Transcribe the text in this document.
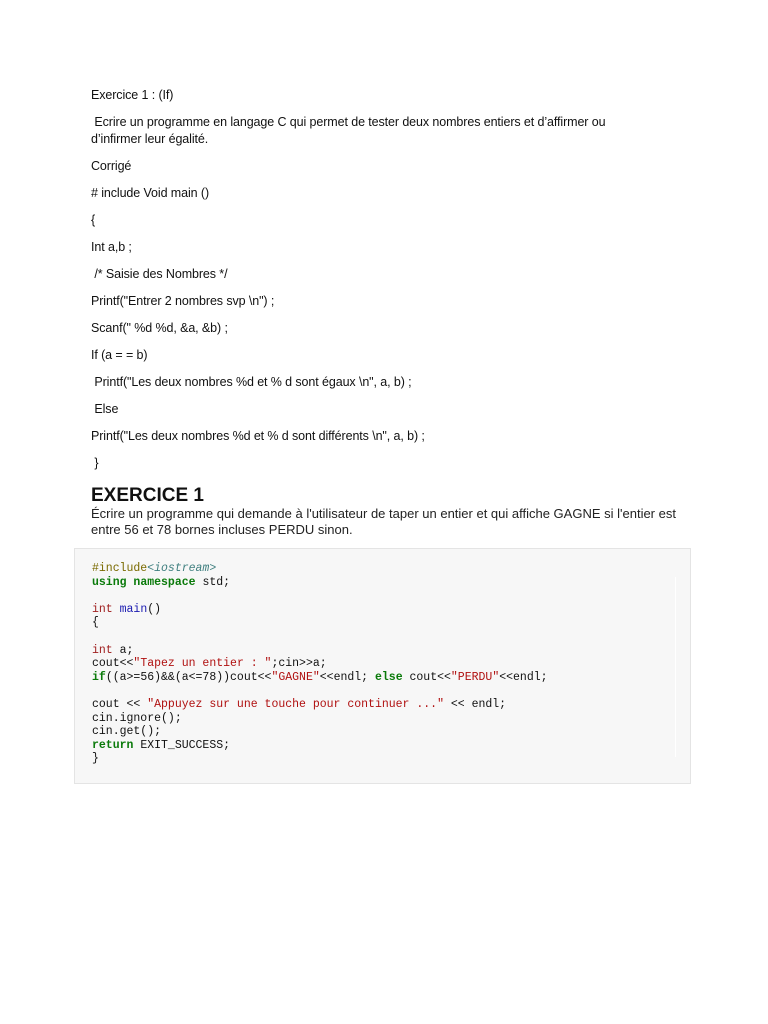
Exercice 1 : (If)

Ecrire un programme en langage C qui permet de tester deux nombres entiers et d’affirmer ou d’infirmer leur égalité.

Corrigé

# include Void main ()

{

Int a,b ;

/* Saisie des Nombres */

Printf("Entrer 2 nombres svp \n") ;

Scanf(" %d %d, &a, &b) ;

If (a = = b)

Printf("Les deux nombres %d et % d sont égaux \n", a, b) ;

Else

Printf("Les deux nombres %d et % d sont différents \n", a, b) ;

}

EXERCICE 1

Écrire un programme qui demande à l'utilisateur de taper un entier et qui affiche GAGNE si l'entier est entre 56 et 78 bornes incluses PERDU sinon.

#include<iostream>
using namespace std;
int main()
{
int a;
cout<<"Tapez un entier : ";cin>>a;
if((a>=56)&&(a<=78))cout<<"GAGNE"<<endl; else cout<<"PERDU"<<endl;
cout << "Appuyez sur une touche pour continuer ..." << endl;
cin.ignore();
cin.get();
return EXIT_SUCCESS;
}
